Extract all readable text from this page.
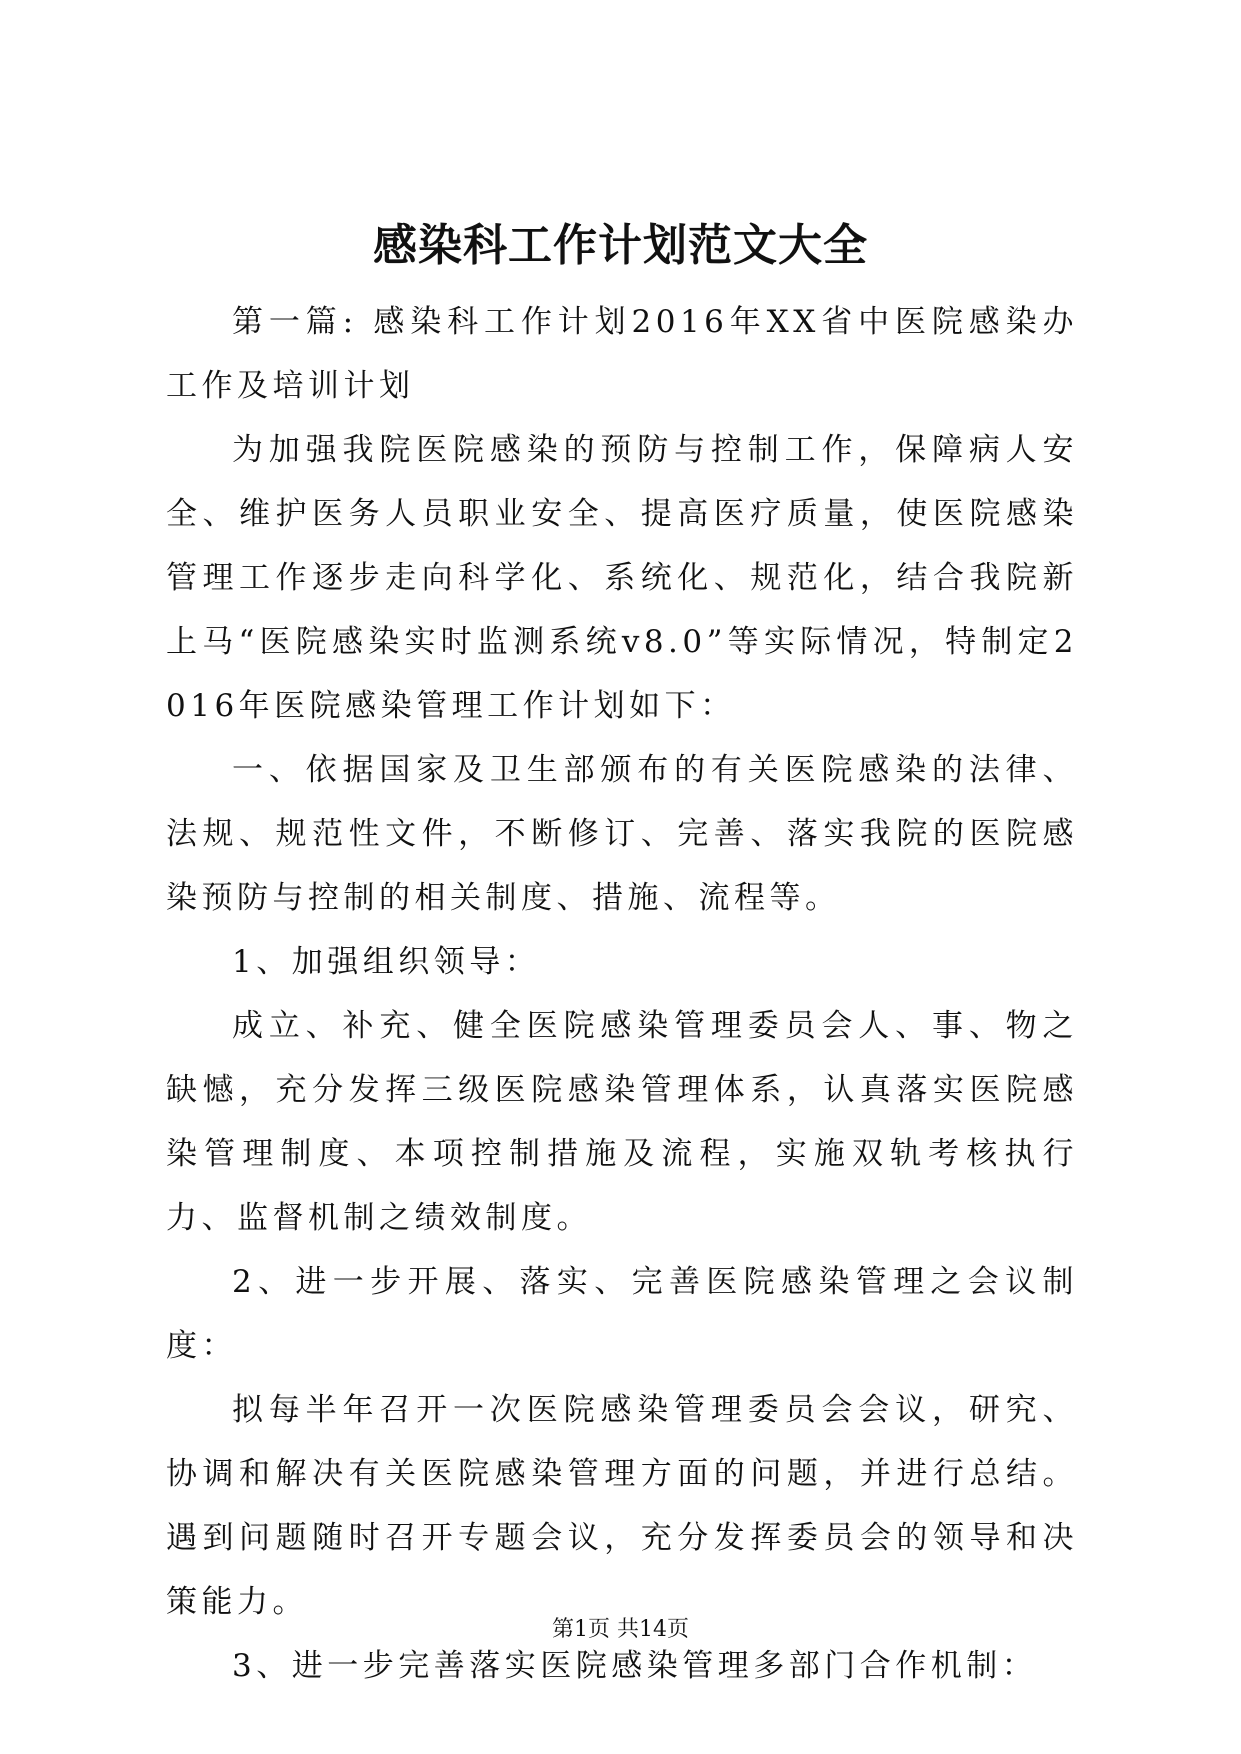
感染科工作计划范文大全

第一篇: 感染科工作计划2016年XX省中医院感染办工作及培训计划

为加强我院医院感染的预防与控制工作，保障病人安全、维护医务人员职业安全、提高医疗质量，使医院感染管理工作逐步走向科学化、系统化、规范化，结合我院新上马“医院感染实时监测系统v8.0”等实际情况，特制定2016年医院感染管理工作计划如下：

一、依据国家及卫生部颁布的有关医院感染的法律、法规、规范性文件，不断修订、完善、落实我院的医院感染预防与控制的相关制度、措施、流程等。

1、加强组织领导：

成立、补充、健全医院感染管理委员会人、事、物之缺憾，充分发挥三级医院感染管理体系，认真落实医院感染管理制度、本项控制措施及流程，实施双轨考核执行力、监督机制之绩效制度。

2、进一步开展、落实、完善医院感染管理之会议制度：

拟每半年召开一次医院感染管理委员会会议，研究、协调和解决有关医院感染管理方面的问题，并进行总结。遇到问题随时召开专题会议，充分发挥委员会的领导和决策能力。

3、进一步完善落实医院感染管理多部门合作机制：

第1页 共14页
